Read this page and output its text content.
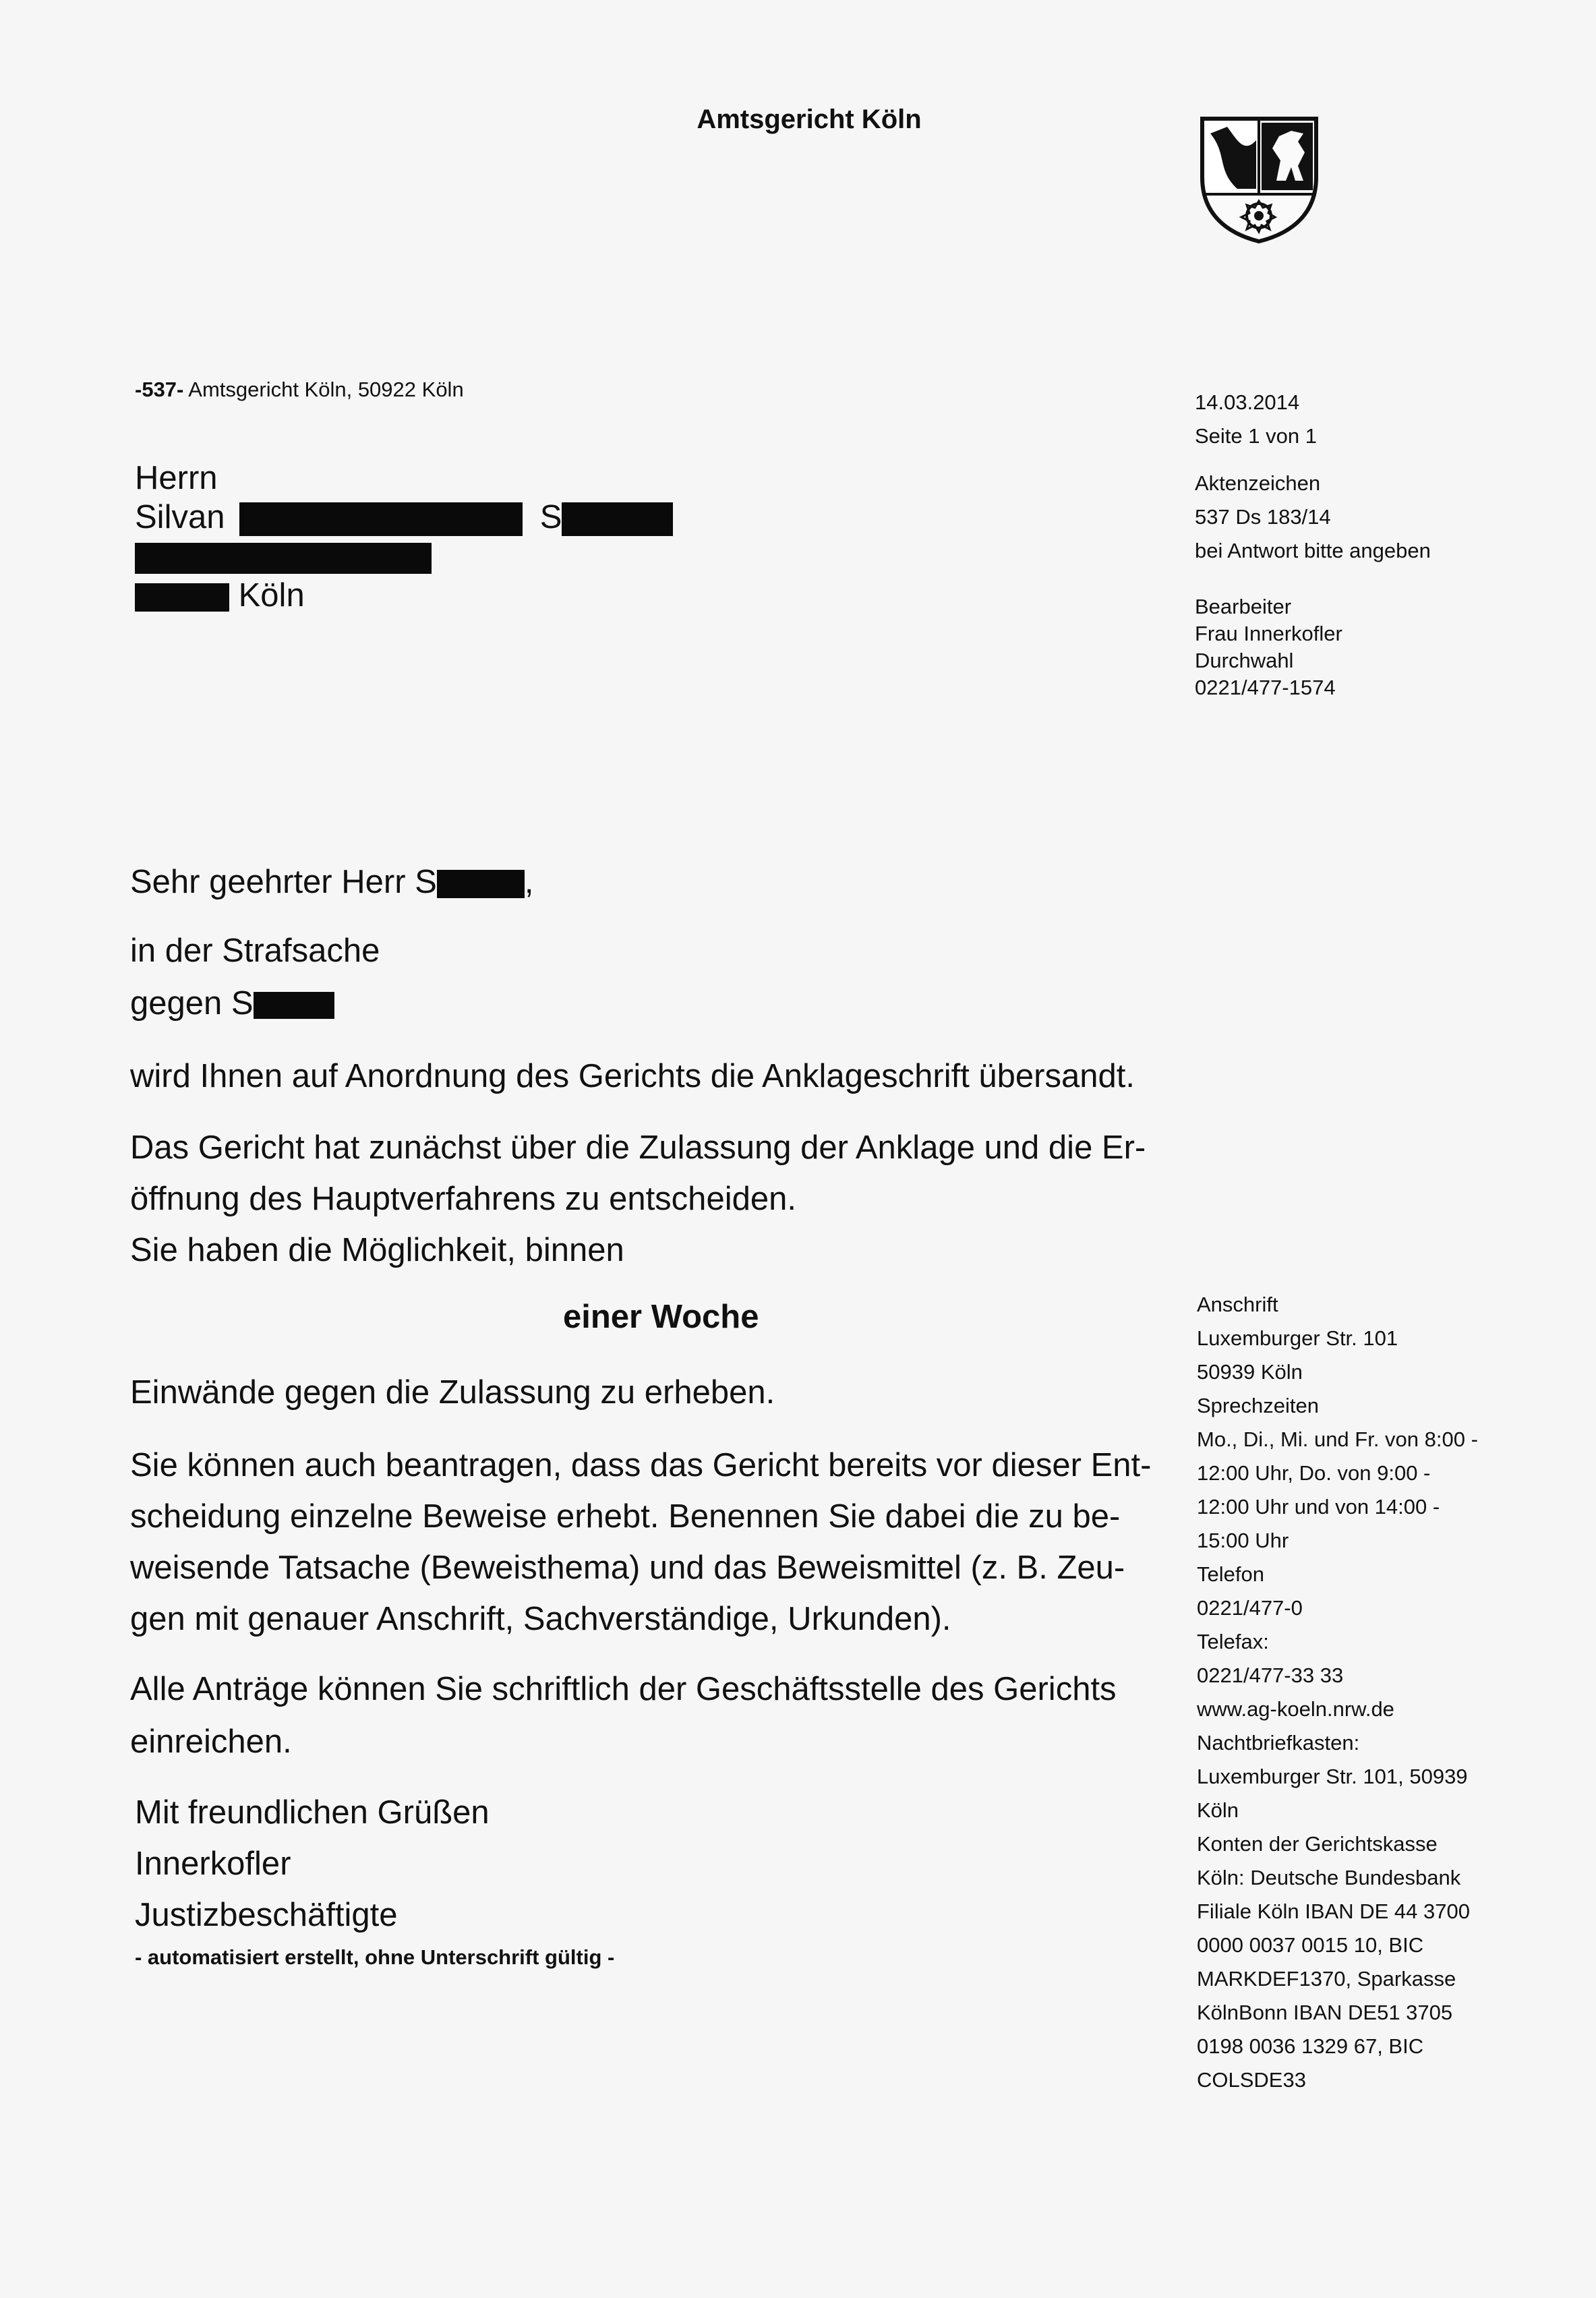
Amtsgericht Köln
-537- Amtsgericht Köln, 50922 Köln
Herrn
Silvan	S
Köln
14.03.2014
Seite 1 von 1
Aktenzeichen
537 Ds 183/14
bei Antwort bitte angeben
Bearbeiter
Frau Innerkofler
Durchwahl
0221/477-1574
Sehr geehrter Herr S	,
in der Strafsache
gegen S
wird Ihnen auf Anordnung des Gerichts die Anklageschrift übersandt.
Das Gericht hat zunächst über die Zulassung der Anklage und die Er-
öffnung des Hauptverfahrens zu entscheiden.
Sie haben die Möglichkeit, binnen
einer Woche
Einwände gegen die Zulassung zu erheben.
Sie können auch beantragen, dass das Gericht bereits vor dieser Ent-
scheidung einzelne Beweise erhebt. Benennen Sie dabei die zu be-
weisende Tatsache (Beweisthema) und das Beweismittel (z. B. Zeu-
gen mit genauer Anschrift, Sachverständige, Urkunden).
Alle Anträge können Sie schriftlich der Geschäftsstelle des Gerichts
einreichen.
Mit freundlichen Grüßen
Innerkofler
Justizbeschäftigte
- automatisiert erstellt, ohne Unterschrift gültig -
Anschrift
Luxemburger Str. 101
50939 Köln
Sprechzeiten
Mo., Di., Mi. und Fr. von 8:00 -
12:00 Uhr, Do. von 9:00 -
12:00 Uhr und von 14:00 -
15:00 Uhr
Telefon
0221/477-0
Telefax:
0221/477-33 33
www.ag-koeln.nrw.de
Nachtbriefkasten:
Luxemburger Str. 101, 50939
Köln
Konten der Gerichtskasse
Köln: Deutsche Bundesbank
Filiale Köln IBAN DE 44 3700
0000 0037 0015 10, BIC
MARKDEF1370, Sparkasse
KölnBonn IBAN DE51 3705
0198 0036 1329 67, BIC
COLSDE33
